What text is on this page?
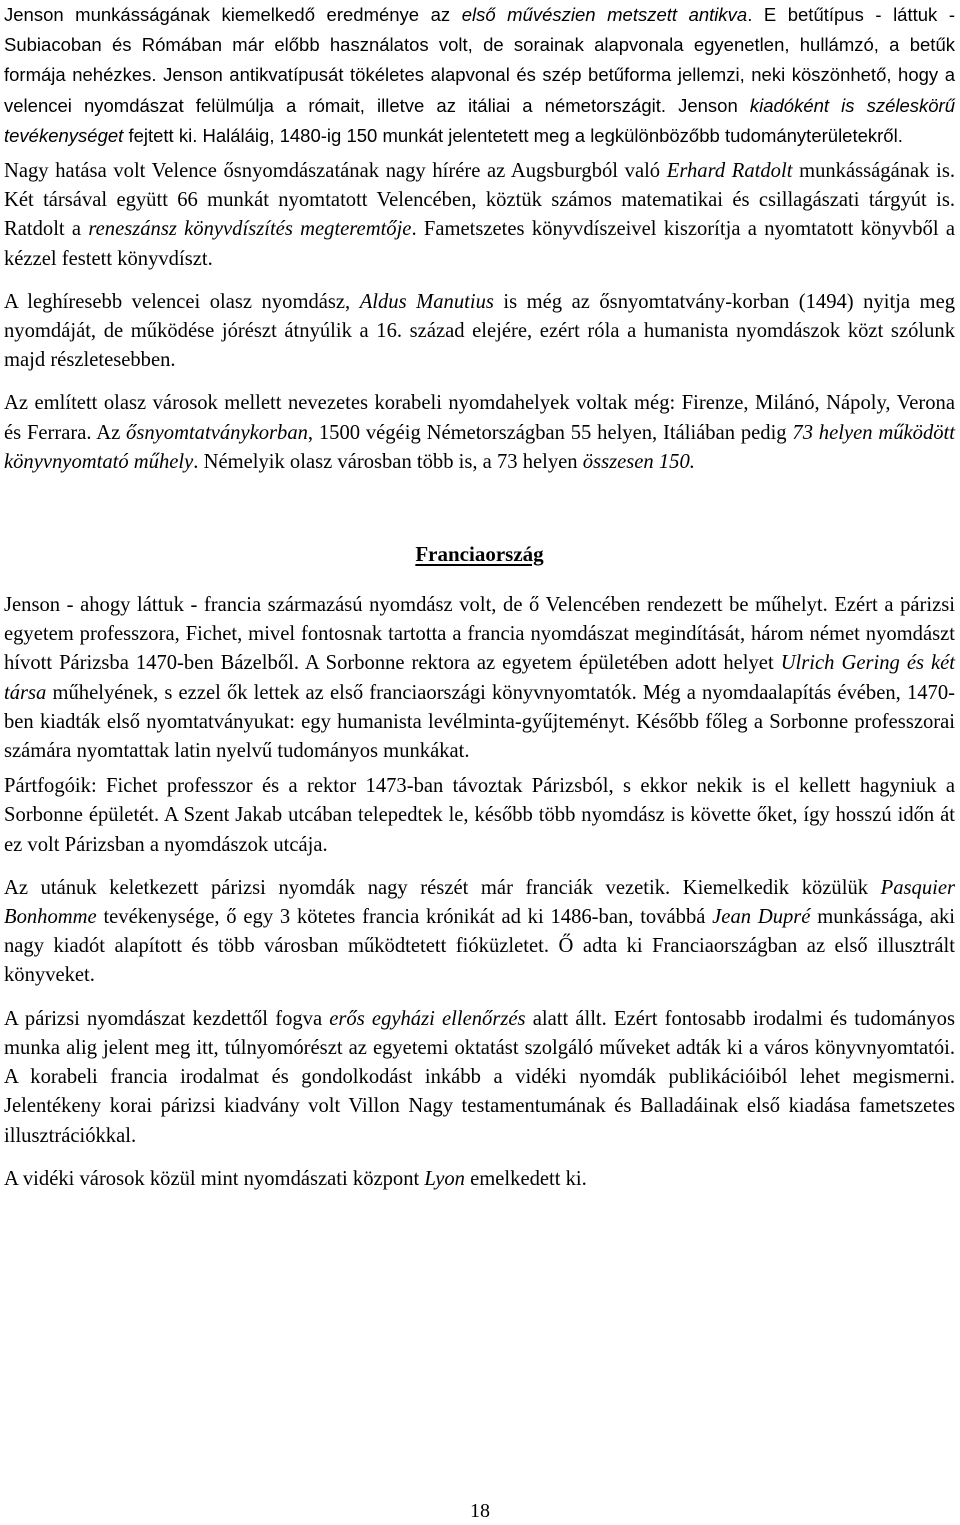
Jenson munkásságának kiemelkedő eredménye az első művészien metszett antikva. E betűtípus - láttuk - Subiacoban és Rómában már előbb használatos volt, de sorainak alapvonala egyenetlen, hullámzó, a betűk formája nehézkes. Jenson antikvatípusát tökéletes alapvonal és szép betűforma jellemzi, neki köszönhető, hogy a velencei nyomdászat felülmúlja a rómait, illetve az itáliai a németországit. Jenson kiadóként is széleskörű tevékenységet fejtett ki. Haláláig, 1480-ig 150 munkát jelentetett meg a legkülönbözőbb tudományterületekről.

Nagy hatása volt Velence ősnyomdászatának nagy hírére az Augsburgból való Erhard Ratdolt munkásságának is. Két társával együtt 66 munkát nyomtatott Velencében, köztük számos matematikai és csillagászati tárgyút is. Ratdolt a reneszánsz könyvdíszítés megteremtője. Fametszetes könyvdíszeivel kiszorítja a nyomtatott könyvből a kézzel festett könyvdíszt.

A leghíresebb velencei olasz nyomdász, Aldus Manutius is még az ősnyomtatvány-korban (1494) nyitja meg nyomdáját, de működése jórészt átnyúlik a 16. század elejére, ezért róla a humanista nyomdászok közt szólunk majd részletesebben.

Az említett olasz városok mellett nevezetes korabeli nyomdahelyek voltak még: Firenze, Milánó, Nápoly, Verona és Ferrara. Az ősnyomtatványkorban, 1500 végéig Németországban 55 helyen, Itáliában pedig 73 helyen működött könyvnyomtató műhely. Némelyik olasz városban több is, a 73 helyen összesen 150.

Franciaország

Jenson - ahogy láttuk - francia származású nyomdász volt, de ő Velencében rendezett be műhelyt. Ezért a párizsi egyetem professzora, Fichet, mivel fontosnak tartotta a francia nyomdászat megindítását, három német nyomdászt hívott Párizsba 1470-ben Bázelből. A Sorbonne rektora az egyetem épületében adott helyet Ulrich Gering és két társa műhelyének, s ezzel ők lettek az első franciaországi könyvnyomtatók. Még a nyomdaalapítás évében, 1470-ben kiadták első nyomtatványukat: egy humanista levélminta-gyűjteményt. Később főleg a Sorbonne professzorai számára nyomtattak latin nyelvű tudományos munkákat.

Pártfogóik: Fichet professzor és a rektor 1473-ban távoztak Párizsból, s ekkor nekik is el kellett hagyniuk a Sorbonne épületét. A Szent Jakab utcában telepedtek le, később több nyomdász is követte őket, így hosszú időn át ez volt Párizsban a nyomdászok utcája.

Az utánuk keletkezett párizsi nyomdák nagy részét már franciák vezetik. Kiemelkedik közülük Pasquier Bonhomme tevékenysége, ő egy 3 kötetes francia krónikát ad ki 1486-ban, továbbá Jean Dupré munkássága, aki nagy kiadót alapított és több városban működtetett fióküzletet. Ő adta ki Franciaországban az első illusztrált könyveket.

A párizsi nyomdászat kezdettől fogva erős egyházi ellenőrzés alatt állt. Ezért fontosabb irodalmi és tudományos munka alig jelent meg itt, túlnyomórészt az egyetemi oktatást szolgáló műveket adták ki a város könyvnyomtatói. A korabeli francia irodalmat és gondolkodást inkább a vidéki nyomdák publikációiból lehet megismerni. Jelentékeny korai párizsi kiadvány volt Villon Nagy testamentumának és Balladáinak első kiadása fametszetes illusztrációkkal.

A vidéki városok közül mint nyomdászati központ Lyon emelkedett ki.

18
